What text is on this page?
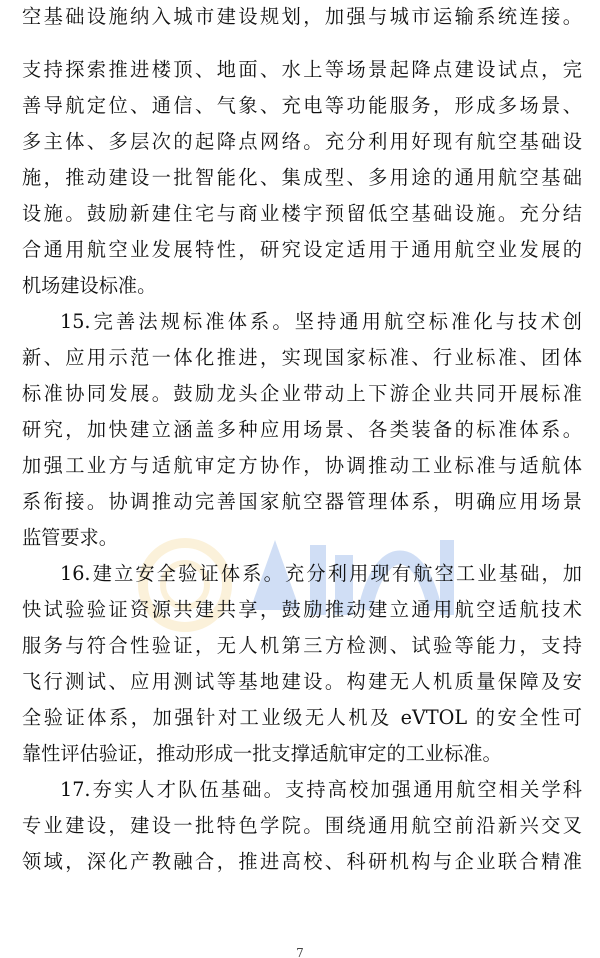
空基础设施纳入城市建设规划，加强与城市运输系统连接。
支持探索推进楼顶、地面、水上等场景起降点建设试点，完
善导航定位、通信、气象、充电等功能服务，形成多场景、
多主体、多层次的起降点网络。充分利用好现有航空基础设
施，推动建设一批智能化、集成型、多用途的通用航空基础
设施。鼓励新建住宅与商业楼宇预留低空基础设施。充分结
合通用航空业发展特性，研究设定适用于通用航空业发展的
机场建设标准。
15.完善法规标准体系。坚持通用航空标准化与技术创
新、应用示范一体化推进，实现国家标准、行业标准、团体
标准协同发展。鼓励龙头企业带动上下游企业共同开展标准
研究，加快建立涵盖多种应用场景、各类装备的标准体系。
加强工业方与适航审定方协作，协调推动工业标准与适航体
系衔接。协调推动完善国家航空器管理体系，明确应用场景
监管要求。
16.建立安全验证体系。充分利用现有航空工业基础，加
快试验验证资源共建共享，鼓励推动建立通用航空适航技术
服务与符合性验证，无人机第三方检测、试验等能力，支持
飞行测试、应用测试等基地建设。构建无人机质量保障及安
全验证体系，加强针对工业级无人机及 eVTOL 的安全性可
靠性评估验证，推动形成一批支撑适航审定的工业标准。
17.夯实人才队伍基础。支持高校加强通用航空相关学科
专业建设，建设一批特色学院。围绕通用航空前沿新兴交叉
领域，深化产教融合，推进高校、科研机构与企业联合精准
7
